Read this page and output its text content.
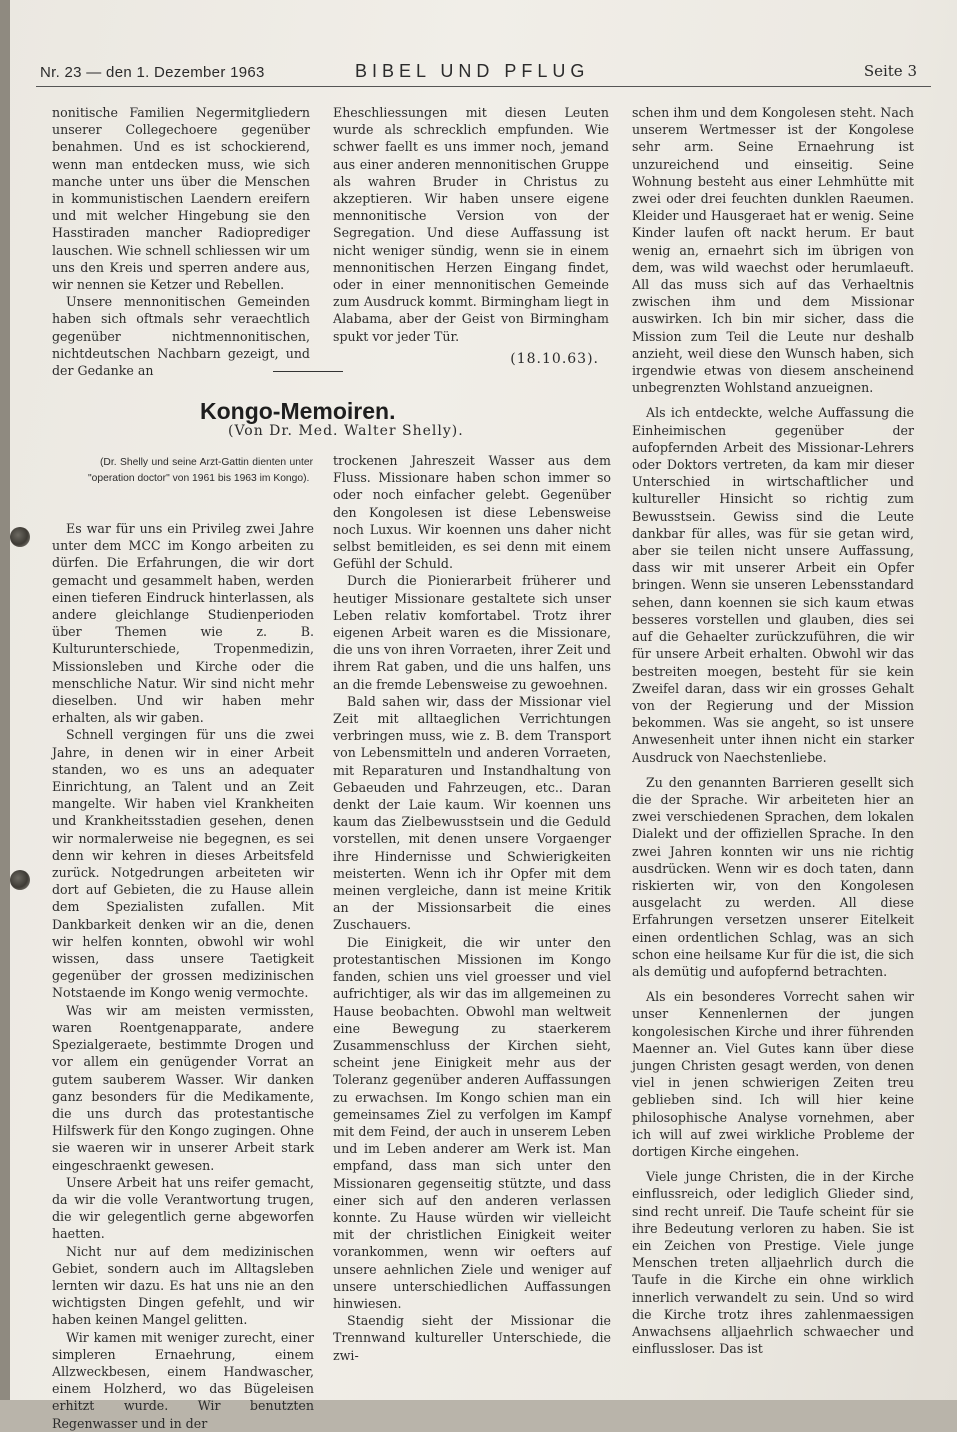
Nr. 23 — den 1. Dezember 1963	BIBEL UND PFLUG	Seite 3

nonitische Familien Negermitgliedern unserer Collegechoere gegenüber benahmen. Und es ist schockierend, wenn man entdecken muss, wie sich manche unter uns über die Menschen in kommunistischen Laendern ereifern und mit welcher Hingebung sie den Hasstiraden mancher Radioprediger lauschen. Wie schnell schliessen wir um uns den Kreis und sperren andere aus, wir nennen sie Ketzer und Rebellen.

Unsere mennonitischen Gemeinden haben sich oftmals sehr veraechtlich gegenüber nichtmennonitischen, nichtdeutschen Nachbarn gezeigt, und der Gedanke an

Eheschliessungen mit diesen Leuten wurde als schrecklich empfunden. Wie schwer faellt es uns immer noch, jemand aus einer anderen mennonitischen Gruppe als wahren Bruder in Christus zu akzeptieren. Wir haben unsere eigene mennonitische Version von der Segregation. Und diese Auffassung ist nicht weniger sündig, wenn sie in einem mennonitischen Herzen Eingang findet, oder in einer mennonitischen Gemeinde zum Ausdruck kommt. Birmingham liegt in Alabama, aber der Geist von Birmingham spukt vor jeder Tür.

(18.10.63).
Kongo-Memoiren.
(Von Dr. Med. Walter Shelly).

(Dr. Shelly und seine Arzt-Gattin dienten unter "operation doctor" von 1961 bis 1963 im Kongo).

Es war für uns ein Privileg zwei Jahre unter dem MCC im Kongo arbeiten zu dürfen. Die Erfahrungen, die wir dort gemacht und gesammelt haben, werden einen tieferen Eindruck hinterlassen, als andere gleichlange Studienperioden über Themen wie z. B. Kulturunterschiede, Tropenmedizin, Missionsleben und Kirche oder die menschliche Natur. Wir sind nicht mehr dieselben. Und wir haben mehr erhalten, als wir gaben.

Schnell vergingen für uns die zwei Jahre, in denen wir in einer Arbeit standen, wo es uns an adequater Einrichtung, an Talent und an Zeit mangelte. Wir haben viel Krankheiten und Krankheitsstadien gesehen, denen wir normalerweise nie begegnen, es sei denn wir kehren in dieses Arbeitsfeld zurück. Notgedrungen arbeiteten wir dort auf Gebieten, die zu Hause allein dem Spezialisten zufallen. Mit Dankbarkeit denken wir an die, denen wir helfen konnten, obwohl wir wohl wissen, dass unsere Taetigkeit gegenüber der grossen medizinischen Notstaende im Kongo wenig vermochte.

Was wir am meisten vermissten, waren Roentgenapparate, andere Spezialgeraete, bestimmte Drogen und vor allem ein genügender Vorrat an gutem sauberem Wasser. Wir danken ganz besonders für die Medikamente, die uns durch das protestantische Hilfswerk für den Kongo zugingen. Ohne sie waeren wir in unserer Arbeit stark eingeschraenkt gewesen.

Unsere Arbeit hat uns reifer gemacht, da wir die volle Verantwortung trugen, die wir gelegentlich gerne abgeworfen haetten.

Nicht nur auf dem medizinischen Gebiet, sondern auch im Alltagsleben lernten wir dazu. Es hat uns nie an den wichtigsten Dingen gefehlt, und wir haben keinen Mangel gelitten.

Wir kamen mit weniger zurecht, einer simpleren Ernaehrung, einem Allzweckbesen, einem Handwascher, einem Holzherd, wo das Bügeleisen erhitzt wurde. Wir benutzten Regenwasser und in der

trockenen Jahreszeit Wasser aus dem Fluss. Missionare haben schon immer so oder noch einfacher gelebt. Gegenüber den Kongolesen ist diese Lebensweise noch Luxus. Wir koennen uns daher nicht selbst bemitleiden, es sei denn mit einem Gefühl der Schuld.

Durch die Pionierarbeit früherer und heutiger Missionare gestaltete sich unser Leben relativ komfortabel. Trotz ihrer eigenen Arbeit waren es die Missionare, die uns von ihren Vorraeten, ihrer Zeit und ihrem Rat gaben, und die uns halfen, uns an die fremde Lebensweise zu gewoehnen.

Bald sahen wir, dass der Missionar viel Zeit mit alltaeglichen Verrichtungen verbringen muss, wie z. B. dem Transport von Lebensmitteln und anderen Vorraeten, mit Reparaturen und Instandhaltung von Gebaeuden und Fahrzeugen, etc.. Daran denkt der Laie kaum. Wir koennen uns kaum das Zielbewusstsein und die Geduld vorstellen, mit denen unsere Vorgaenger ihre Hindernisse und Schwierigkeiten meisterten. Wenn ich ihr Opfer mit dem meinen vergleiche, dann ist meine Kritik an der Missionsarbeit die eines Zuschauers.

Die Einigkeit, die wir unter den protestantischen Missionen im Kongo fanden, schien uns viel groesser und viel aufrichtiger, als wir das im allgemeinen zu Hause beobachten. Obwohl man weltweit eine Bewegung zu staerkerem Zusammenschluss der Kirchen sieht, scheint jene Einigkeit mehr aus der Toleranz gegenüber anderen Auffassungen zu erwachsen. Im Kongo schien man ein gemeinsames Ziel zu verfolgen im Kampf mit dem Feind, der auch in unserem Leben und im Leben anderer am Werk ist. Man empfand, dass man sich unter den Missionaren gegenseitig stützte, und dass einer sich auf den anderen verlassen konnte. Zu Hause würden wir vielleicht mit der christlichen Einigkeit weiter vorankommen, wenn wir oefters auf unsere aehnlichen Ziele und weniger auf unsere unterschiedlichen Auffassungen hinwiesen.

Staendig sieht der Missionar die Trennwand kultureller Unterschiede, die zwi-

schen ihm und dem Kongolesen steht. Nach unserem Wertmesser ist der Kongolese sehr arm. Seine Ernaehrung ist unzureichend und einseitig. Seine Wohnung besteht aus einer Lehmhütte mit zwei oder drei feuchten dunklen Raeumen. Kleider und Hausgeraet hat er wenig. Seine Kinder laufen oft nackt herum. Er baut wenig an, ernaehrt sich im übrigen von dem, was wild waechst oder herumlaeuft. All das muss sich auf das Verhaeltnis zwischen ihm und dem Missionar auswirken. Ich bin mir sicher, dass die Mission zum Teil die Leute nur deshalb anzieht, weil diese den Wunsch haben, sich irgendwie etwas von diesem anscheinend unbegrenzten Wohlstand anzueignen.

Als ich entdeckte, welche Auffassung die Einheimischen gegenüber der aufopfernden Arbeit des Missionar-Lehrers oder Doktors vertreten, da kam mir dieser Unterschied in wirtschaftlicher und kultureller Hinsicht so richtig zum Bewusstsein. Gewiss sind die Leute dankbar für alles, was für sie getan wird, aber sie teilen nicht unsere Auffassung, dass wir mit unserer Arbeit ein Opfer bringen. Wenn sie unseren Lebensstandard sehen, dann koennen sie sich kaum etwas besseres vorstellen und glauben, dies sei auf die Gehaelter zurückzuführen, die wir für unsere Arbeit erhalten. Obwohl wir das bestreiten moegen, besteht für sie kein Zweifel daran, dass wir ein grosses Gehalt von der Regierung und der Mission bekommen. Was sie angeht, so ist unsere Anwesenheit unter ihnen nicht ein starker Ausdruck von Naechstenliebe.

Zu den genannten Barrieren gesellt sich die der Sprache. Wir arbeiteten hier an zwei verschiedenen Sprachen, dem lokalen Dialekt und der offiziellen Sprache. In den zwei Jahren konnten wir uns nie richtig ausdrücken. Wenn wir es doch taten, dann riskierten wir, von den Kongolesen ausgelacht zu werden. All diese Erfahrungen versetzen unserer Eitelkeit einen ordentlichen Schlag, was an sich schon eine heilsame Kur für die ist, die sich als demütig und aufopfernd betrachten.

Als ein besonderes Vorrecht sahen wir unser Kennenlernen der jungen kongolesischen Kirche und ihrer führenden Maenner an. Viel Gutes kann über diese jungen Christen gesagt werden, von denen viel in jenen schwierigen Zeiten treu geblieben sind. Ich will hier keine philosophische Analyse vornehmen, aber ich will auf zwei wirkliche Probleme der dortigen Kirche eingehen.

Viele junge Christen, die in der Kirche einflussreich, oder lediglich Glieder sind, sind recht unreif. Die Taufe scheint für sie ihre Bedeutung verloren zu haben. Sie ist ein Zeichen von Prestige. Viele junge Menschen treten alljaehrlich durch die Taufe in die Kirche ein ohne wirklich innerlich verwandelt zu sein. Und so wird die Kirche trotz ihres zahlenmaessigen Anwachsens alljaehrlich schwaecher und einflussloser. Das ist
